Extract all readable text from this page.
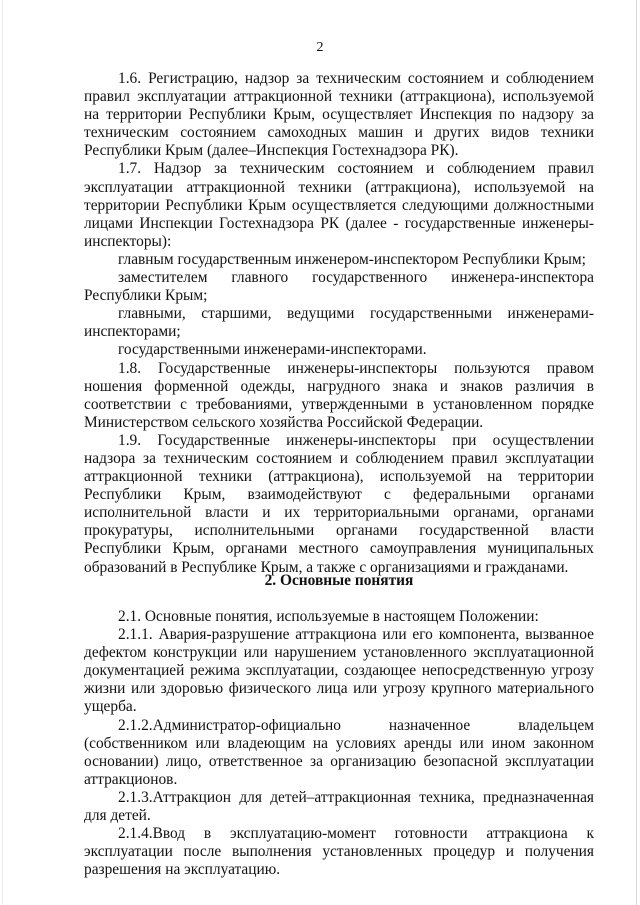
2

1.6. Регистрацию, надзор за техническим состоянием и соблюдением правил эксплуатации аттракционной техники (аттракциона), используемой на территории Республики Крым, осуществляет Инспекция по надзору за техническим состоянием самоходных машин и других видов техники Республики Крым (далее–Инспекция Гостехнадзора РК).

1.7. Надзор за техническим состоянием и соблюдением правил эксплуатации аттракционной техники (аттракциона), используемой на территории Республики Крым осуществляется следующими должностными лицами Инспекции Гостехнадзора РК (далее - государственные инженеры-инспекторы):

главным государственным инженером-инспектором Республики Крым;

заместителем главного государственного инженера-инспектора Республики Крым;

главными, старшими, ведущими государственными инженерами-инспекторами;

государственными инженерами-инспекторами.

1.8. Государственные инженеры-инспекторы пользуются правом ношения форменной одежды, нагрудного знака и знаков различия в соответствии с требованиями, утвержденными в установленном порядке Министерством сельского хозяйства Российской Федерации.

1.9. Государственные инженеры-инспекторы при осуществлении надзора за техническим состоянием и соблюдением правил эксплуатации аттракционной техники (аттракциона), используемой на территории Республики Крым, взаимодействуют с федеральными органами исполнительной власти и их территориальными органами, органами прокуратуры, исполнительными органами государственной власти Республики Крым, органами местного самоуправления муниципальных образований в Республике Крым, а также с организациями и гражданами.

2. Основные понятия

2.1. Основные понятия, используемые в настоящем Положении:

2.1.1. Авария-разрушение аттракциона или его компонента, вызванное дефектом конструкции или нарушением установленного эксплуатационной документацией режима эксплуатации, создающее непосредственную угрозу жизни или здоровью физического лица или угрозу крупного материального ущерба.

2.1.2.Администратор-официально назначенное владельцем (собственником или владеющим на условиях аренды или ином законном основании) лицо, ответственное за организацию безопасной эксплуатации аттракционов.

2.1.3.Аттракцион для детей–аттракционная техника, предназначенная для детей.

2.1.4.Ввод в эксплуатацию-момент готовности аттракциона к эксплуатации после выполнения установленных процедур и получения разрешения на эксплуатацию.
